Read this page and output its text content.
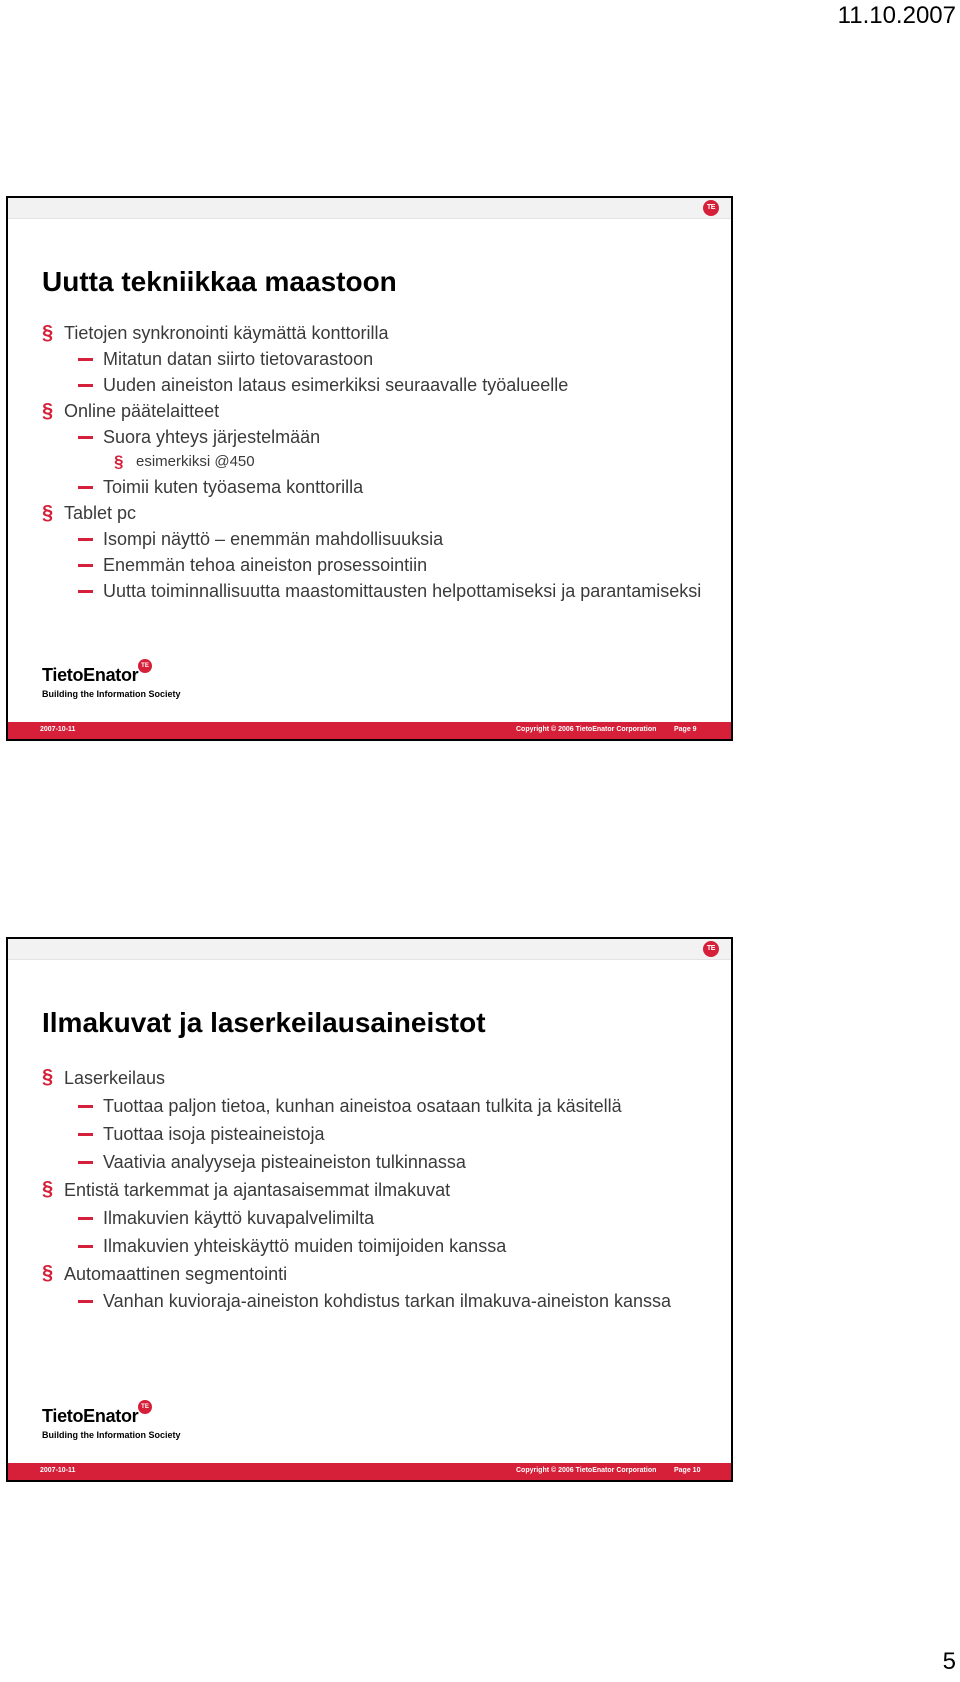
11.10.2007
TE
Uutta tekniikkaa maastoon
§ Tietojen synkronointi käymättä konttorilla
Mitatun datan siirto tietovarastoon
Uuden aineiston lataus esimerkiksi seuraavalle työalueelle
§ Online päätelaitteet
Suora yhteys järjestelmään
§ esimerkiksi @450
Toimii kuten työasema konttorilla
§ Tablet pc
Isompi näyttö – enemmän mahdollisuuksia
Enemmän tehoa aineiston prosessointiin
Uutta toiminnallisuutta maastomittausten helpottamiseksi ja parantamiseksi
TietoEnator TE
Building the Information Society
2007-10-11	Copyright © 2006 TietoEnator Corporation	Page 9
TE
Ilmakuvat ja laserkeilausaineistot
§ Laserkeilaus
Tuottaa paljon tietoa, kunhan aineistoa osataan tulkita ja käsitellä
Tuottaa isoja pisteaineistoja
Vaativia analyyseja pisteaineiston tulkinnassa
§ Entistä tarkemmat ja ajantasaisemmat ilmakuvat
Ilmakuvien käyttö kuvapalvelimilta
Ilmakuvien yhteiskäyttö muiden toimijoiden kanssa
§ Automaattinen segmentointi
Vanhan kuvioraja-aineiston kohdistus tarkan ilmakuva-aineiston kanssa
TietoEnator TE
Building the Information Society
2007-10-11	Copyright © 2006 TietoEnator Corporation	Page 10
5
